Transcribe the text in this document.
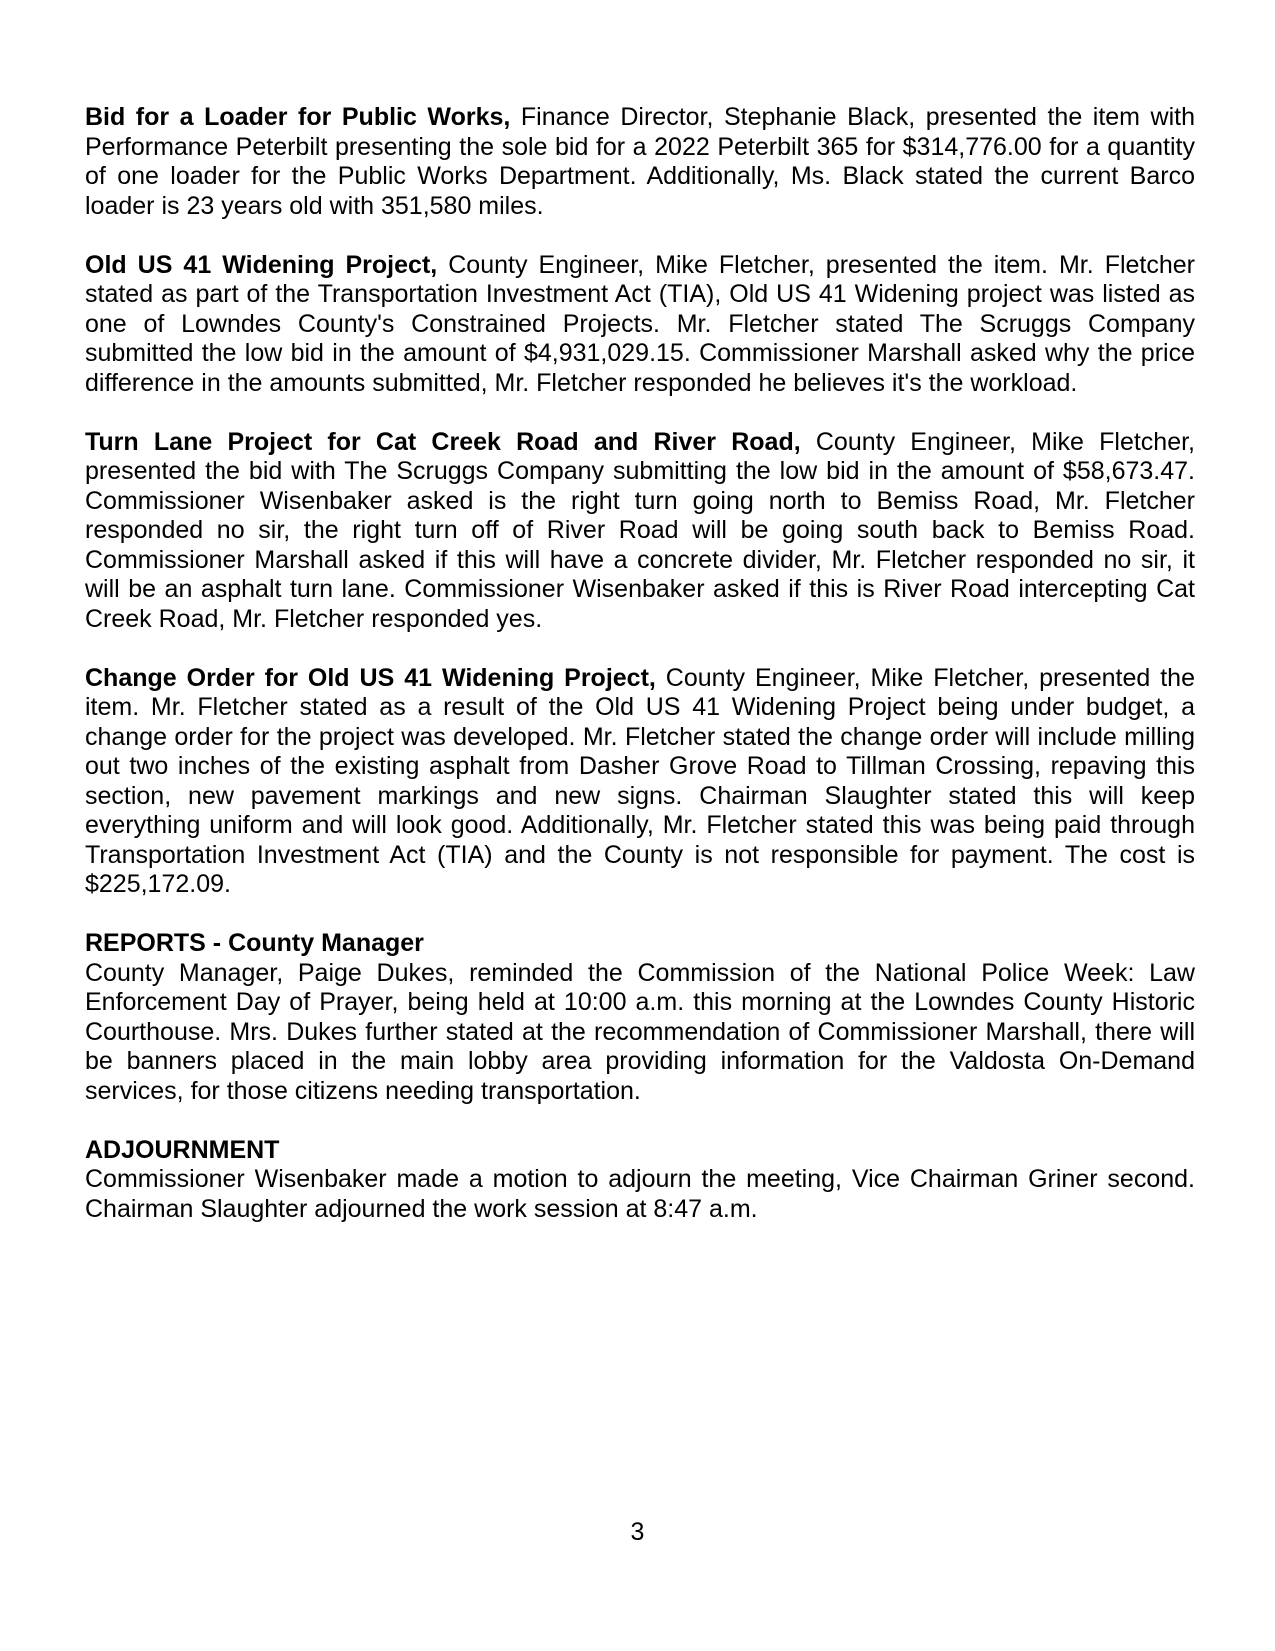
Bid for a Loader for Public Works, Finance Director, Stephanie Black, presented the item with Performance Peterbilt presenting the sole bid for a 2022 Peterbilt 365 for $314,776.00 for a quantity of one loader for the Public Works Department. Additionally, Ms. Black stated the current Barco loader is 23 years old with 351,580 miles.

Old US 41 Widening Project, County Engineer, Mike Fletcher, presented the item. Mr. Fletcher stated as part of the Transportation Investment Act (TIA), Old US 41 Widening project was listed as one of Lowndes County's Constrained Projects. Mr. Fletcher stated The Scruggs Company submitted the low bid in the amount of $4,931,029.15. Commissioner Marshall asked why the price difference in the amounts submitted, Mr. Fletcher responded he believes it's the workload.

Turn Lane Project for Cat Creek Road and River Road, County Engineer, Mike Fletcher, presented the bid with The Scruggs Company submitting the low bid in the amount of $58,673.47. Commissioner Wisenbaker asked is the right turn going north to Bemiss Road, Mr. Fletcher responded no sir, the right turn off of River Road will be going south back to Bemiss Road. Commissioner Marshall asked if this will have a concrete divider, Mr. Fletcher responded no sir, it will be an asphalt turn lane. Commissioner Wisenbaker asked if this is River Road intercepting Cat Creek Road, Mr. Fletcher responded yes.

Change Order for Old US 41 Widening Project, County Engineer, Mike Fletcher, presented the item. Mr. Fletcher stated as a result of the Old US 41 Widening Project being under budget, a change order for the project was developed. Mr. Fletcher stated the change order will include milling out two inches of the existing asphalt from Dasher Grove Road to Tillman Crossing, repaving this section, new pavement markings and new signs. Chairman Slaughter stated this will keep everything uniform and will look good. Additionally, Mr. Fletcher stated this was being paid through Transportation Investment Act (TIA) and the County is not responsible for payment. The cost is $225,172.09.

REPORTS - County Manager

County Manager, Paige Dukes, reminded the Commission of the National Police Week: Law Enforcement Day of Prayer, being held at 10:00 a.m. this morning at the Lowndes County Historic Courthouse. Mrs. Dukes further stated at the recommendation of Commissioner Marshall, there will be banners placed in the main lobby area providing information for the Valdosta On-Demand services, for those citizens needing transportation.

ADJOURNMENT

Commissioner Wisenbaker made a motion to adjourn the meeting, Vice Chairman Griner second. Chairman Slaughter adjourned the work session at 8:47 a.m.

3
